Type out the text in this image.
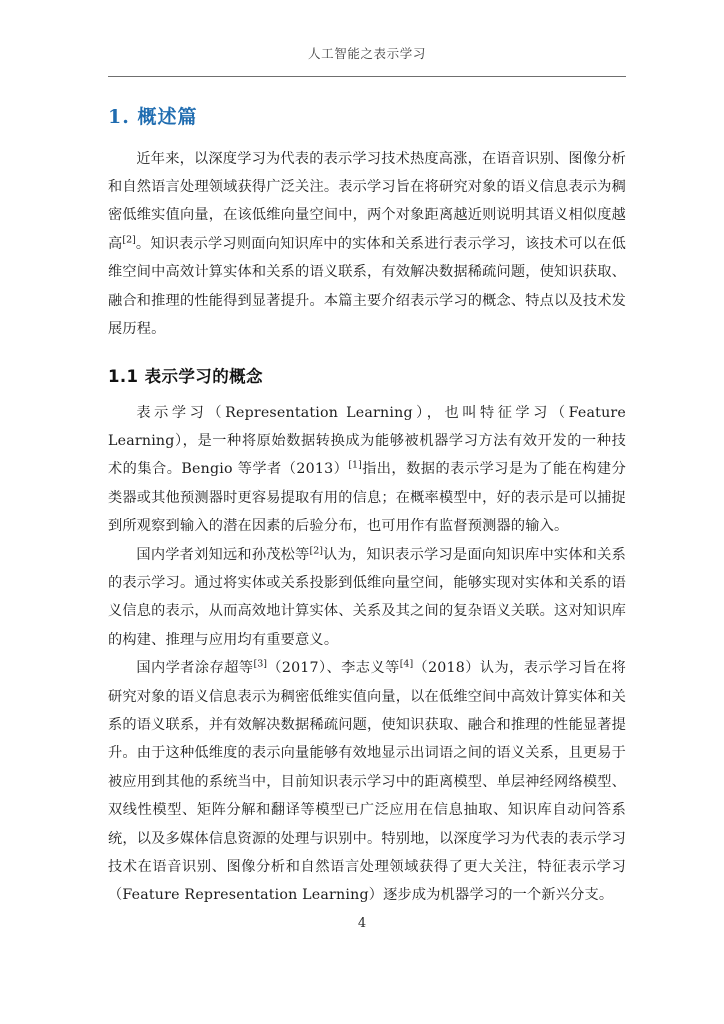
人工智能之表示学习
1. 概述篇

近年来，以深度学习为代表的表示学习技术热度高涨，在语音识别、图像分析和自然语言处理领域获得广泛关注。表示学习旨在将研究对象的语义信息表示为稠密低维实值向量，在该低维向量空间中，两个对象距离越近则说明其语义相似度越高[2]。知识表示学习则面向知识库中的实体和关系进行表示学习，该技术可以在低维空间中高效计算实体和关系的语义联系，有效解决数据稀疏问题，使知识获取、融合和推理的性能得到显著提升。本篇主要介绍表示学习的概念、特点以及技术发展历程。

1.1 表示学习的概念

表示学习（Representation Learning），也叫特征学习（Feature Learning），是一种将原始数据转换成为能够被机器学习方法有效开发的一种技术的集合。Bengio 等学者（2013）[1]指出，数据的表示学习是为了能在构建分类器或其他预测器时更容易提取有用的信息；在概率模型中，好的表示是可以捕捉到所观察到输入的潜在因素的后验分布，也可用作有监督预测器的输入。

国内学者刘知远和孙茂松等[2]认为，知识表示学习是面向知识库中实体和关系的表示学习。通过将实体或关系投影到低维向量空间，能够实现对实体和关系的语义信息的表示，从而高效地计算实体、关系及其之间的复杂语义关联。这对知识库的构建、推理与应用均有重要意义。

国内学者涂存超等[3]（2017）、李志义等[4]（2018）认为，表示学习旨在将研究对象的语义信息表示为稠密低维实值向量，以在低维空间中高效计算实体和关系的语义联系，并有效解决数据稀疏问题，使知识获取、融合和推理的性能显著提升。由于这种低维度的表示向量能够有效地显示出词语之间的语义关系，且更易于被应用到其他的系统当中，目前知识表示学习中的距离模型、单层神经网络模型、双线性模型、矩阵分解和翻译等模型已广泛应用在信息抽取、知识库自动问答系统，以及多媒体信息资源的处理与识别中。特别地，以深度学习为代表的表示学习技术在语音识别、图像分析和自然语言处理领域获得了更大关注，特征表示学习（Feature Representation Learning）逐步成为机器学习的一个新兴分支。

4
